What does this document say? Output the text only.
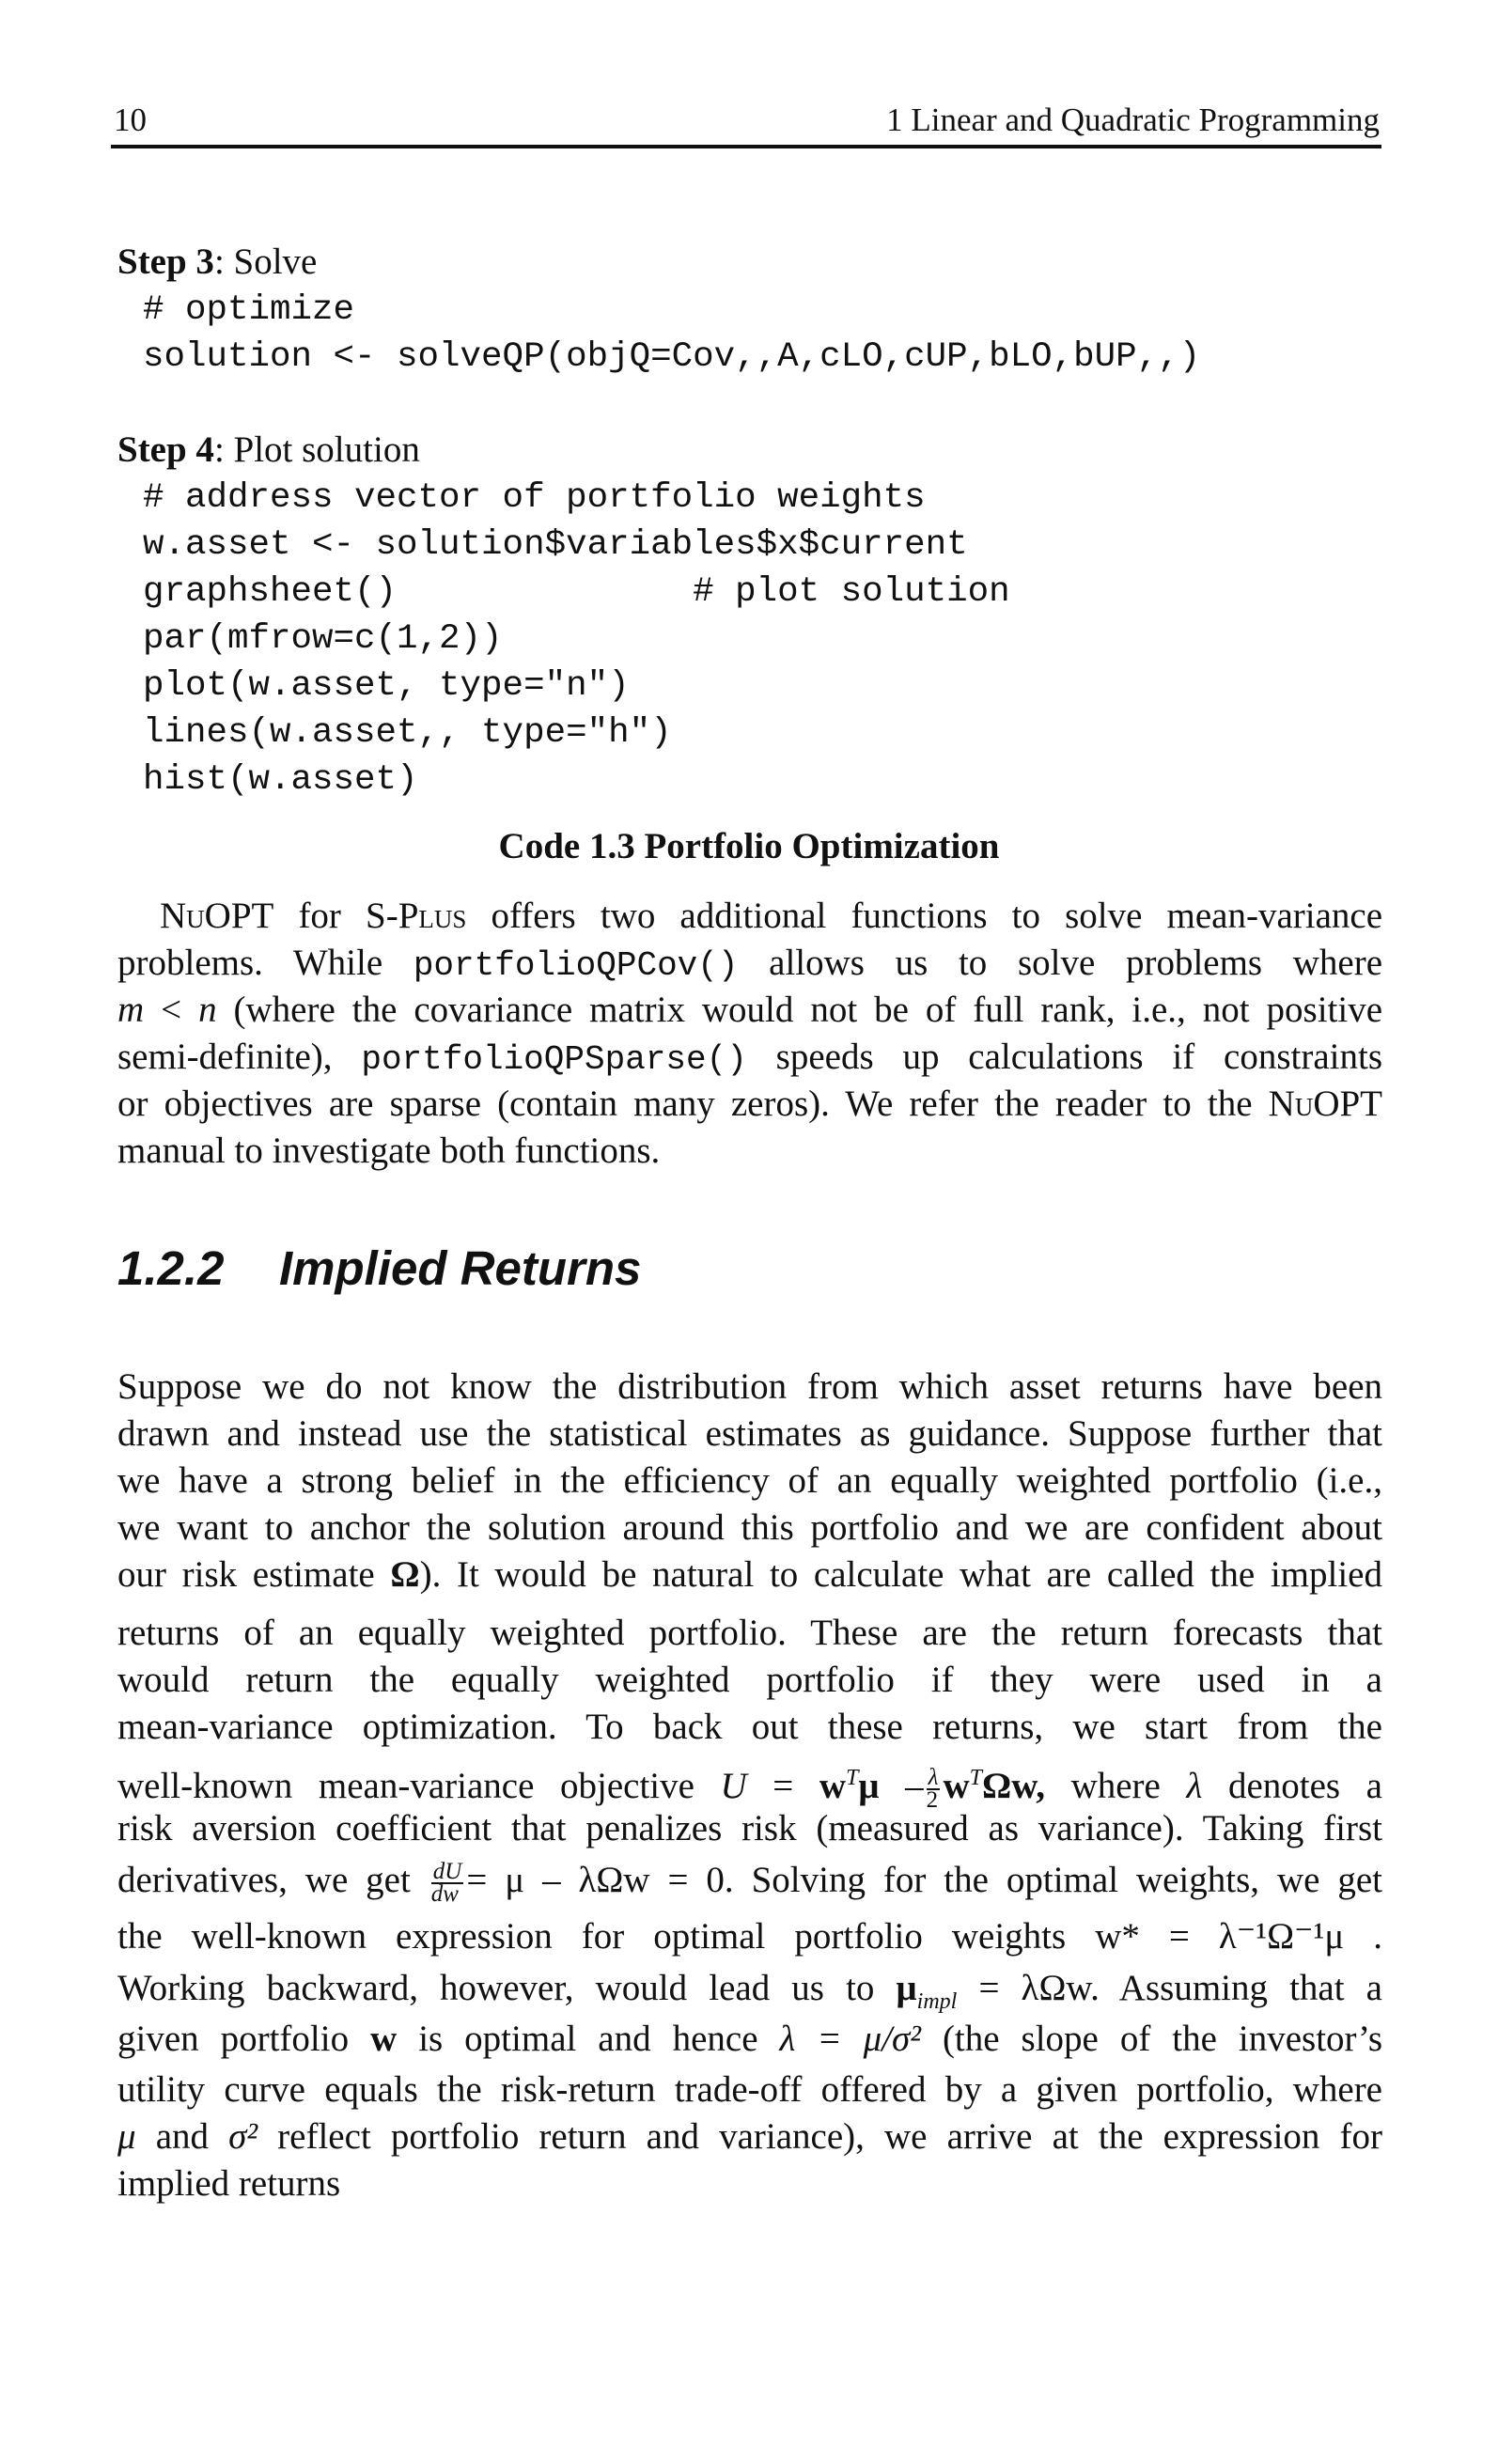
10	1 Linear and Quadratic Programming
Step 3: Solve
# optimize
solution <- solveQP(objQ=Cov,,A,cLO,cUP,bLO,bUP,,)
Step 4: Plot solution
# address vector of portfolio weights
w.asset <- solution$variables$x$current
graphsheet()              # plot solution
par(mfrow=c(1,2))
plot(w.asset, type="n")
lines(w.asset,, type="h")
hist(w.asset)
Code 1.3 Portfolio Optimization
NuOPT for S-Plus offers two additional functions to solve mean-variance
problems. While portfolioQPCov() allows us to solve problems where
m < n (where the covariance matrix would not be of full rank, i.e., not positive
semi-definite), portfolioQPSparse() speeds up calculations if constraints
or objectives are sparse (contain many zeros). We refer the reader to the NuOPT
manual to investigate both functions.
1.2.2 Implied Returns
Suppose we do not know the distribution from which asset returns have been
drawn and instead use the statistical estimates as guidance. Suppose further that
we have a strong belief in the efficiency of an equally weighted portfolio (i.e.,
we want to anchor the solution around this portfolio and we are confident about
our risk estimate Ω). It would be natural to calculate what are called the implied
returns of an equally weighted portfolio. These are the return forecasts that
would return the equally weighted portfolio if they were used in a
mean-variance optimization. To back out these returns, we start from the
well-known mean-variance objective $U = w^T\mu - \frac{\lambda}{2} w^T\Omega w$, where λ denotes a
risk aversion coefficient that penalizes risk (measured as variance). Taking first
derivatives, we get $\frac{dU}{dw} = \mu - \lambda\Omega w = 0$. Solving for the optimal weights, we get
the well-known expression for optimal portfolio weights w* = λ⁻¹Ω⁻¹μ .
Working backward, however, would lead us to $\mu_{impl} = \lambda\Omega w$. Assuming that a
given portfolio w is optimal and hence λ = μ/σ² (the slope of the investor’s
utility curve equals the risk-return trade-off offered by a given portfolio, where
μ and σ² reflect portfolio return and variance), we arrive at the expression for
implied returns
